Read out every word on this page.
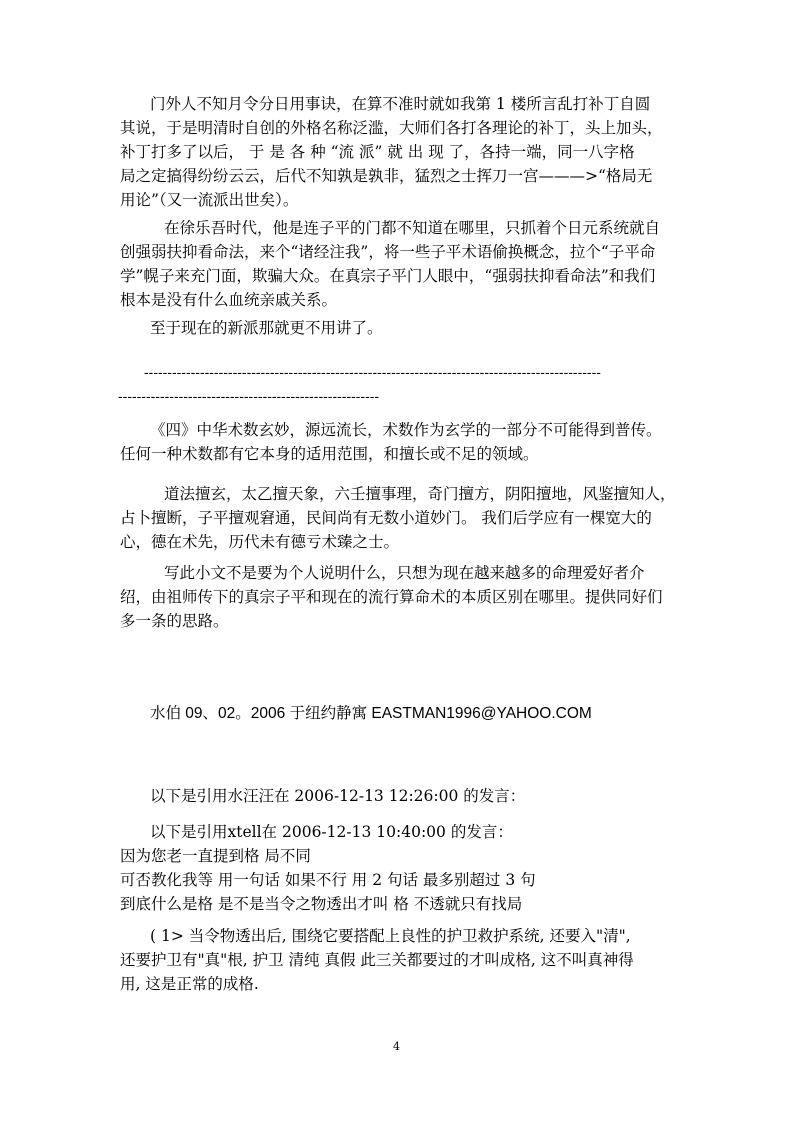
门外人不知月令分日用事诀，在算不准时就如我第 1 楼所言乱打补丁自圆
其说，于是明清时自创的外格名称泛滥，大师们各打各理论的补丁，头上加头，
补丁打多了以后， 于 是 各 种 “流 派” 就 出 现 了，各持一端，同一八字格
局之定搞得纷纷云云，后代不知孰是孰非，猛烈之士挥刀一宫———>“格局无
用论”（又一流派出世矣）。
在徐乐吾时代，他是连子平的门都不知道在哪里，只抓着个日元系统就自
创强弱扶抑看命法，来个“诸经注我”，将一些子平术语偷换概念，拉个“子平命
学”幌子来充门面，欺骗大众。在真宗子平门人眼中，“强弱扶抑看命法”和我们
根本是没有什么血统亲戚关系。
至于现在的新派那就更不用讲了。
--------------------------------------------------------------------------------------------------
--------------------------------------------------------
《四》中华术数玄妙，源远流长，术数作为玄学的一部分不可能得到普传。
任何一种术数都有它本身的适用范围，和擅长或不足的领域。
道法擅玄，太乙擅天象，六壬擅事理，奇门擅方，阴阳擅地，风鉴擅知人，
占卜擅断，子平擅观窘通，民间尚有无数小道妙门。 我们后学应有一棵宽大的
心，德在术先，历代未有德亏术臻之士。
写此小文不是要为个人说明什么，只想为现在越来越多的命理爱好者介
绍，由祖师传下的真宗子平和现在的流行算命术的本质区别在哪里。提供同好们
多一条的思路。
水伯 09、02。2006 于纽约静寓 EASTMAN1996@YAHOO.COM
以下是引用水汪汪在 2006-12-13 12:26:00 的发言：
以下是引用xtell在 2006-12-13 10:40:00 的发言：
因为您老一直提到格 局不同
可否教化我等 用一句话 如果不行 用 2 句话 最多别超过 3 句
到底什么是格 是不是当令之物透出才叫 格 不透就只有找局
( 1> 当令物透出后, 围绕它要搭配上良性的护卫救护系统, 还要入"清",
还要护卫有"真"根, 护卫 清纯 真假 此三关都要过的才叫成格, 这不叫真神得
用, 这是正常的成格.
4
